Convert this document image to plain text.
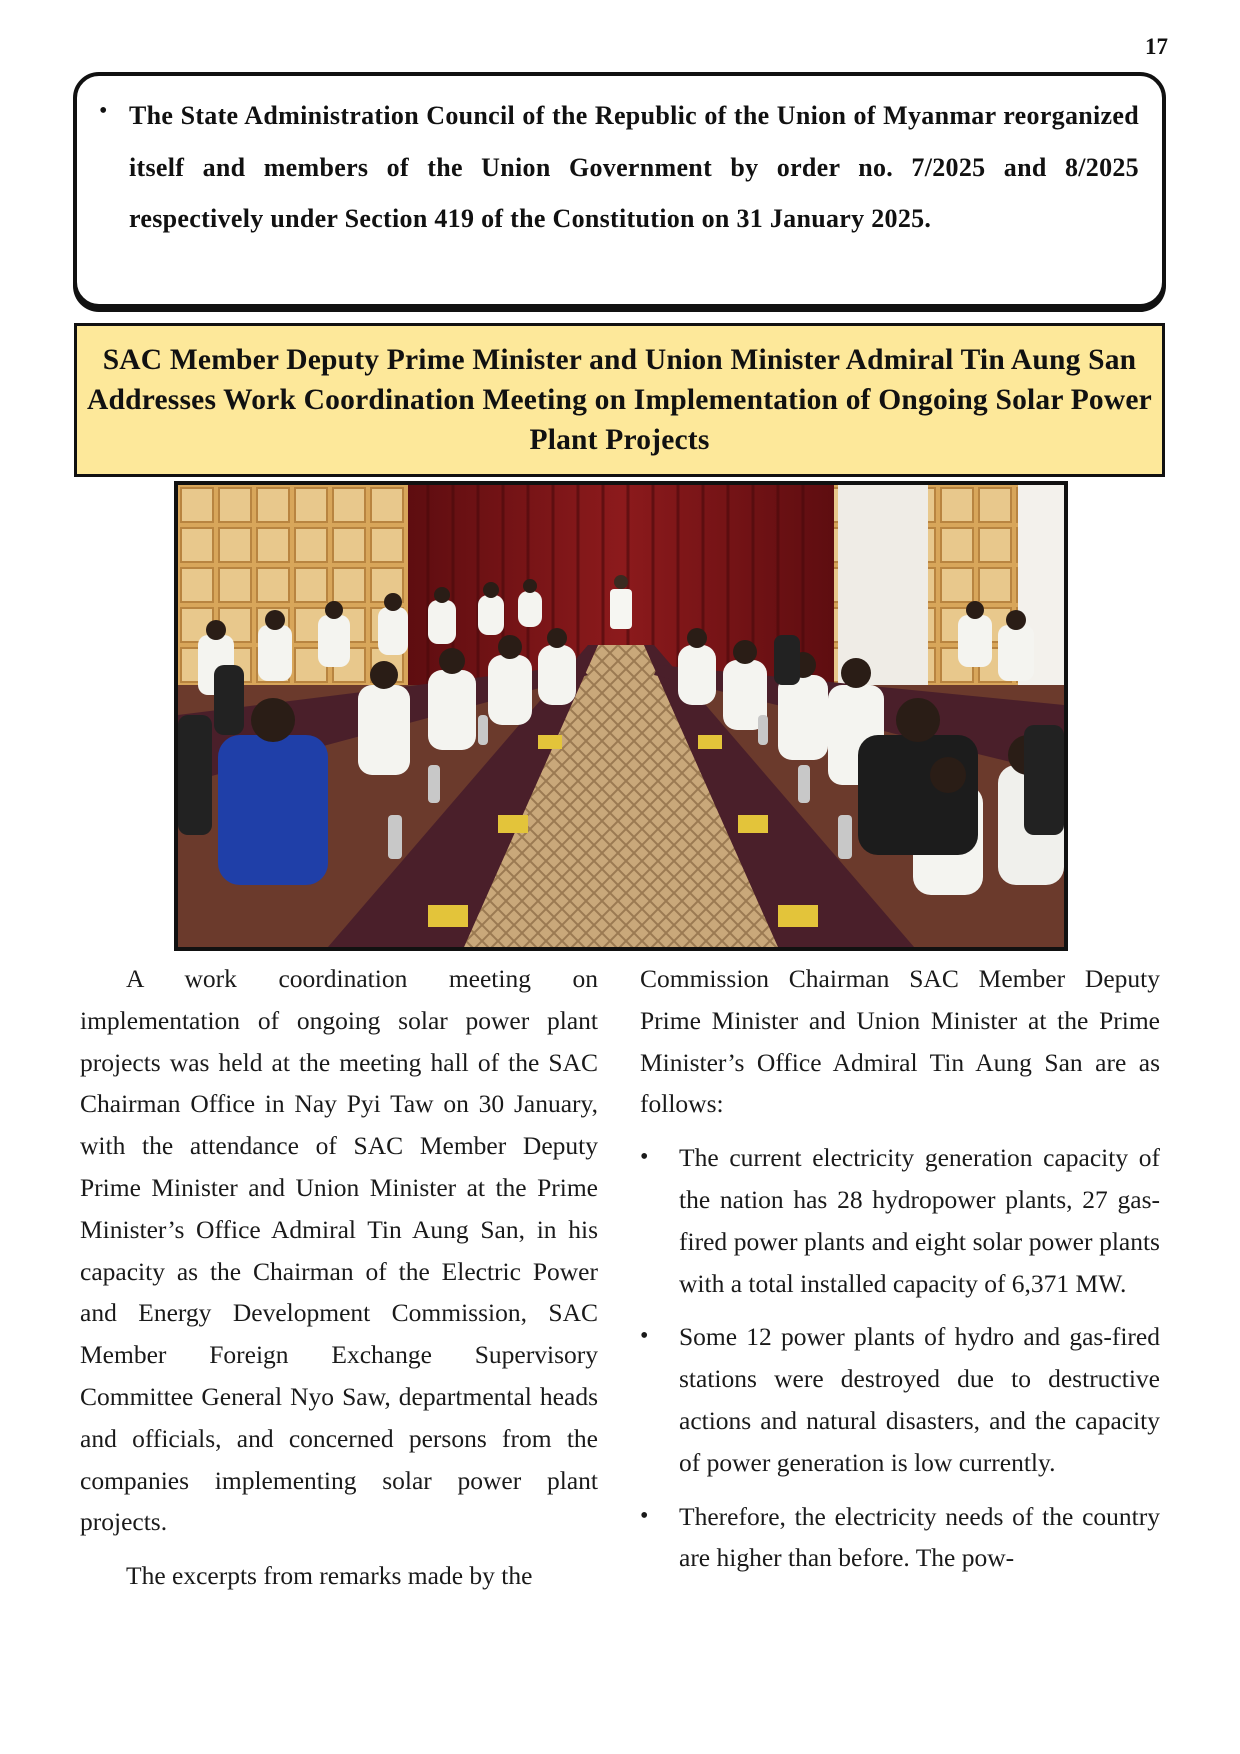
17
• The State Administration Council of the Republic of the Union of Myanmar reorganized itself and members of the Union Government by order no. 7/2025 and 8/2025 respectively under Section 419 of the Constitution on 31 January 2025.

SAC Member Deputy Prime Minister and Union Minister Admiral Tin Aung San Addresses Work Coordination Meeting on Implementation of Ongoing Solar Power Plant Projects

A work coordination meeting on implementation of ongoing solar power plant projects was held at the meeting hall of the SAC Chairman Office in Nay Pyi Taw on 30 January, with the attendance of SAC Member Deputy Prime Minister and Union Minister at the Prime Minister’s Office Admiral Tin Aung San, in his capacity as the Chairman of the Electric Power and Energy Development Commission, SAC Member Foreign Exchange Supervisory Committee General Nyo Saw, departmental heads and officials, and concerned persons from the companies implementing solar power plant projects.

The excerpts from remarks made by the

Commission Chairman SAC Member Deputy Prime Minister and Union Minister at the Prime Minister’s Office Admiral Tin Aung San are as follows:

• The current electricity generation capacity of the nation has 28 hydropower plants, 27 gas-fired power plants and eight solar power plants with a total installed capacity of 6,371 MW.
• Some 12 power plants of hydro and gas-fired stations were destroyed due to destructive actions and natural disasters, and the capacity of power generation is low currently.
• Therefore, the electricity needs of the country are higher than before. The pow-
